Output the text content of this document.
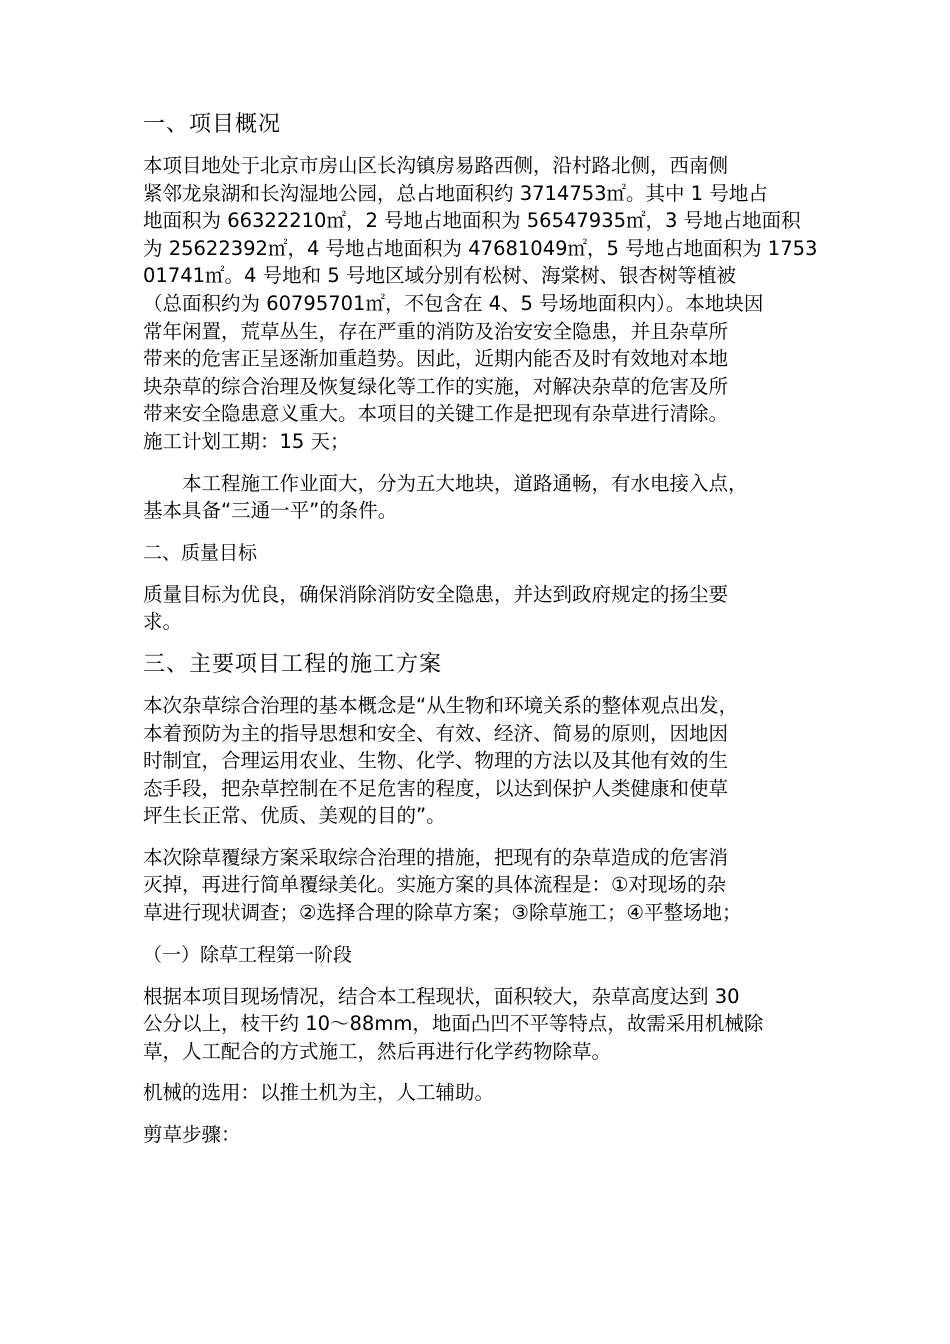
一、项目概况
本项目地处于北京市房山区长沟镇房易路西侧，沿村路北侧，西南侧
紧邻龙泉湖和长沟湿地公园，总占地面积约 3714753㎡。其中 1 号地占
地面积为 66322210㎡，2 号地占地面积为 56547935㎡，3 号地占地面积
为 25622392㎡，4 号地占地面积为 47681049㎡，5 号地占地面积为 1753
01741㎡。4 号地和 5 号地区域分别有松树、海棠树、银杏树等植被
（总面积约为 60795701㎡，不包含在 4、5 号场地面积内）。本地块因
常年闲置，荒草丛生，存在严重的消防及治安安全隐患，并且杂草所
带来的危害正呈逐渐加重趋势。因此，近期内能否及时有效地对本地
块杂草的综合治理及恢复绿化等工作的实施，对解决杂草的危害及所
带来安全隐患意义重大。本项目的关键工作是把现有杂草进行清除。
施工计划工期：15 天；
本工程施工作业面大，分为五大地块，道路通畅，有水电接入点，
基本具备“三通一平”的条件。
二、质量目标
质量目标为优良，确保消除消防安全隐患，并达到政府规定的扬尘要
求。
三、主要项目工程的施工方案
本次杂草综合治理的基本概念是“从生物和环境关系的整体观点出发，
本着预防为主的指导思想和安全、有效、经济、简易的原则，因地因
时制宜，合理运用农业、生物、化学、物理的方法以及其他有效的生
态手段，把杂草控制在不足危害的程度，以达到保护人类健康和使草
坪生长正常、优质、美观的目的”。
本次除草覆绿方案采取综合治理的措施，把现有的杂草造成的危害消
灭掉，再进行简单覆绿美化。实施方案的具体流程是：①对现场的杂
草进行现状调查；②选择合理的除草方案；③除草施工；④平整场地；
（一）除草工程第一阶段
根据本项目现场情况，结合本工程现状，面积较大，杂草高度达到 30
公分以上，枝干约 10～88mm，地面凸凹不平等特点，故需采用机械除
草，人工配合的方式施工，然后再进行化学药物除草。
机械的选用：以推土机为主，人工辅助。
剪草步骤：
